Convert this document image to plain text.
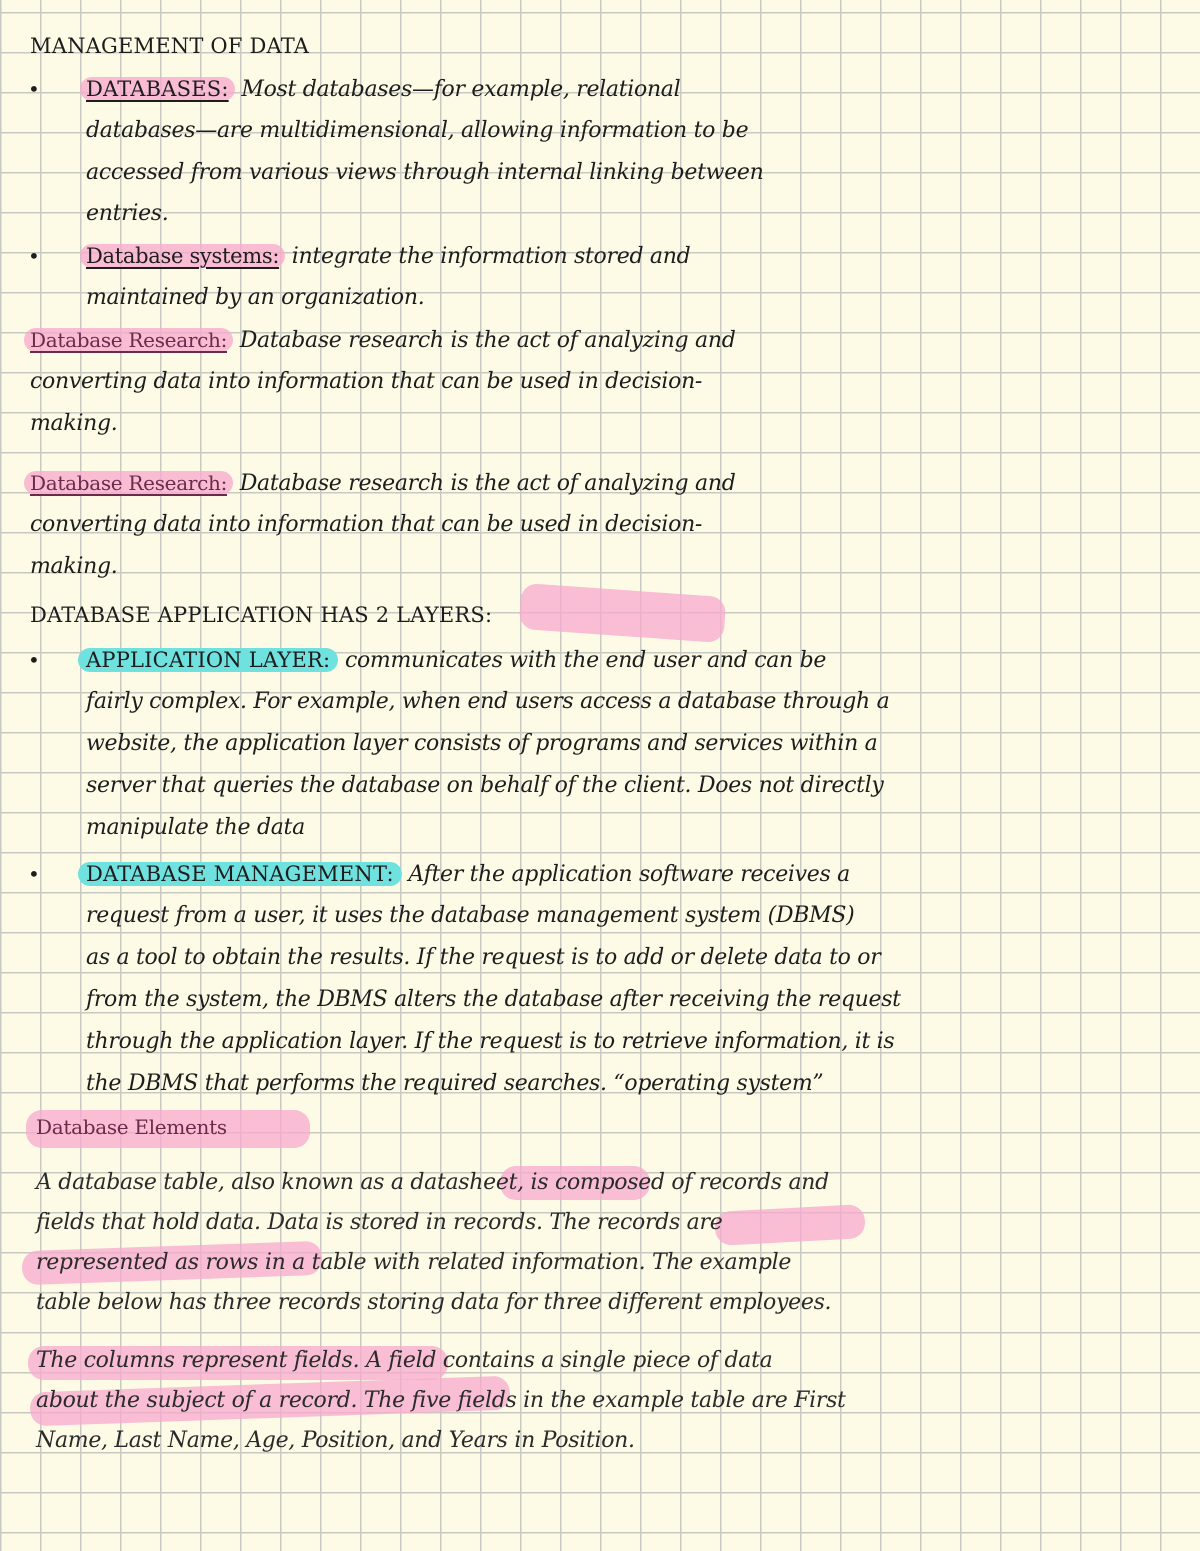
MANAGEMENT OF DATA

• DATABASES: Most databases—for example, relational

databases—are multidimensional, allowing information to be

accessed from various views through internal linking between

entries.

• Database systems: integrate the information stored and

maintained by an organization.

Database Research: Database research is the act of analyzing and

converting data into information that can be used in decision-

making.

Database Research: Database research is the act of analyzing and

converting data into information that can be used in decision-

making.

DATABASE APPLICATION HAS 2 LAYERS:

• APPLICATION LAYER: communicates with the end user and can be

fairly complex. For example, when end users access a database through a

website, the application layer consists of programs and services within a

server that queries the database on behalf of the client. Does not directly

manipulate the data

• DATABASE MANAGEMENT: After the application software receives a

request from a user, it uses the database management system (DBMS)

as a tool to obtain the results. If the request is to add or delete data to or

from the system, the DBMS alters the database after receiving the request

through the application layer. If the request is to retrieve information, it is

the DBMS that performs the required searches. “operating system”

Database Elements

A database table, also known as a datasheet, is composed of records and

fields that hold data. Data is stored in records. The records are

represented as rows in a table with related information. The example

table below has three records storing data for three different employees.

The columns represent fields. A field contains a single piece of data

about the subject of a record. The five fields in the example table are First

Name, Last Name, Age, Position, and Years in Position.
